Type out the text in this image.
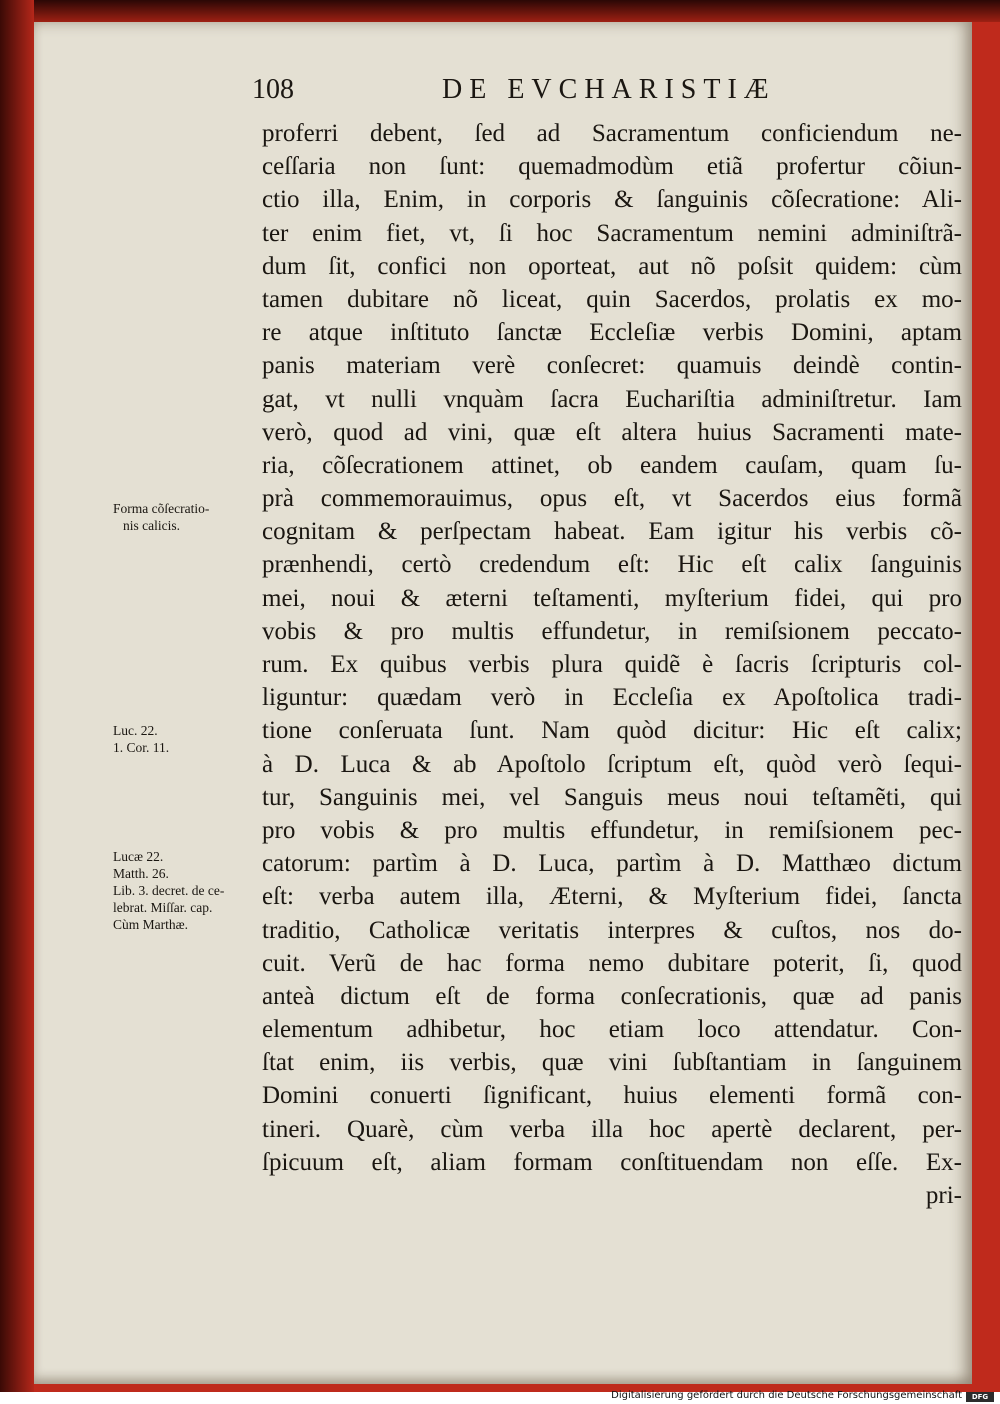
108	DE EVCHARISTIÆ
proferri debent, ſed ad Sacramentum conficiendum ne-
ceſſaria non ſunt: quemadmodùm etiã profertur cõiun-
ctio illa, Enim, in corporis & ſanguinis cõſecratione: Ali-
ter enim fiet, vt, ſi hoc Sacramentum nemini adminiſtrã-
dum ſit, confici non oporteat, aut nõ poſsit quidem: cùm
tamen dubitare nõ liceat, quin Sacerdos, prolatis ex mo-
re atque inſtituto ſanctæ Eccleſiæ verbis Domini, aptam
panis materiam verè conſecret: quamuis deindè contin-
gat, vt nulli vnquàm ſacra Euchariſtia adminiſtretur. Iam
verò, quod ad vini, quæ eſt altera huius Sacramenti mate-
ria, cõſecrationem attinet, ob eandem cauſam, quam ſu-
prà commemorauimus, opus eſt, vt Sacerdos eius formã
cognitam & perſpectam habeat. Eam igitur his verbis cõ-
prænhendi, certò credendum eſt: Hic eſt calix ſanguinis
mei, noui & æterni teſtamenti, myſterium fidei, qui pro
vobis & pro multis effundetur, in remiſsionem peccato-
rum. Ex quibus verbis plura quidẽ è ſacris ſcripturis col-
liguntur: quædam verò in Eccleſia ex Apoſtolica tradi-
tione conſeruata ſunt. Nam quòd dicitur: Hic eſt calix;
à D. Luca & ab Apoſtolo ſcriptum eſt, quòd verò ſequi-
tur, Sanguinis mei, vel Sanguis meus noui teſtamẽti, qui
pro vobis & pro multis effundetur, in remiſsionem pec-
catorum: partìm à D. Luca, partìm à D. Matthæo dictum
eſt: verba autem illa, Æterni, & Myſterium fidei, ſancta
traditio, Catholicæ veritatis interpres & cuſtos, nos do-
cuit. Verũ de hac forma nemo dubitare poterit, ſi, quod
anteà dictum eſt de forma conſecrationis, quæ ad panis
elementum adhibetur, hoc etiam loco attendatur. Con-
ſtat enim, iis verbis, quæ vini ſubſtantiam in ſanguinem
Domini conuerti ſignificant, huius elementi formã con-
tineri. Quarè, cùm verba illa hoc apertè declarent, per-
ſpicuum eſt, aliam formam conſtituendam non eſſe. Ex-
pri-
Forma cõſecratio-
nis calicis.
Luc. 22.
1. Cor. 11.
Lucæ 22.
Matth. 26.
Lib. 3. decret. de ce-
lebrat. Miſſar. cap.
Cùm Marthæ.
Digitalisierung gefördert durch die Deutsche Forschungsgemeinschaft	DFG
